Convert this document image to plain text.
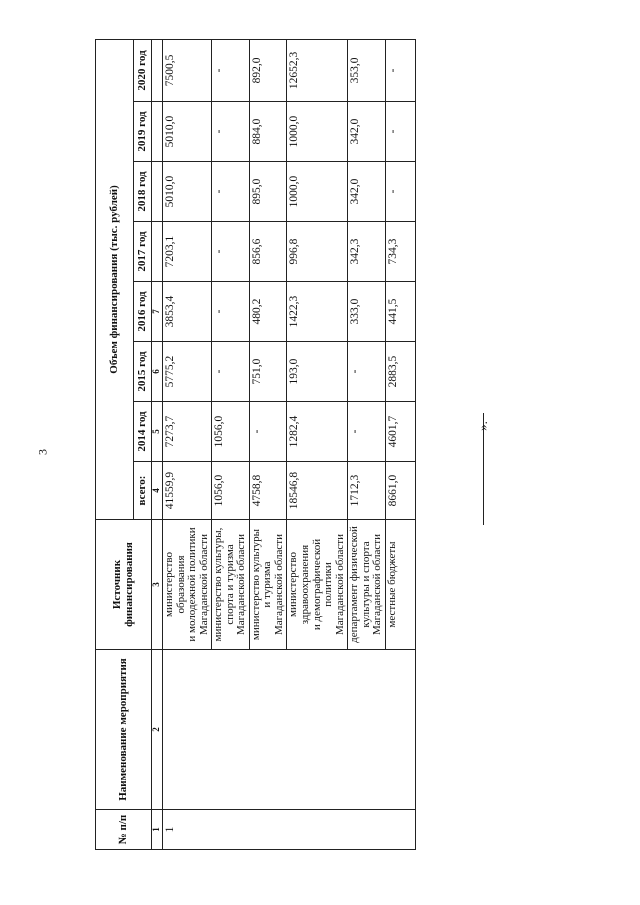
3
».
№ п/п	Наименование мероприятия	Источник финансирования	Объем финансирования (тыс. рублей)							
			всего:	2014 год	2015 год	2016 год	2017 год	2018 год	2019 год	2020 год
1	2	3	4	5	6	7				
1		министерство
образования
и молодежной политики
Магаданской области	41559,9	7273,7	5775,2	3853,4	7203,1	5010,0	5010,0	7500,5
		министерство культуры,
спорта и туризма
Магаданской области	1056,0	1056,0	-	-	-	-	-	-
		министерство культуры
и туризма
Магаданской области	4758,8	-	751,0	480,2	856,6	895,0	884,0	892,0
		министерство
здравоохранения
и демографической
политики
Магаданской области	18546,8	1282,4	193,0	1422,3	996,8	1000,0	1000,0	12652,3
		департамент физической
культуры и спорта
Магаданской области	1712,3	-	-	333,0	342,3	342,0	342,0	353,0
		местные бюджеты	8661,0	4601,7	2883,5	441,5	734,3	-	-	-
